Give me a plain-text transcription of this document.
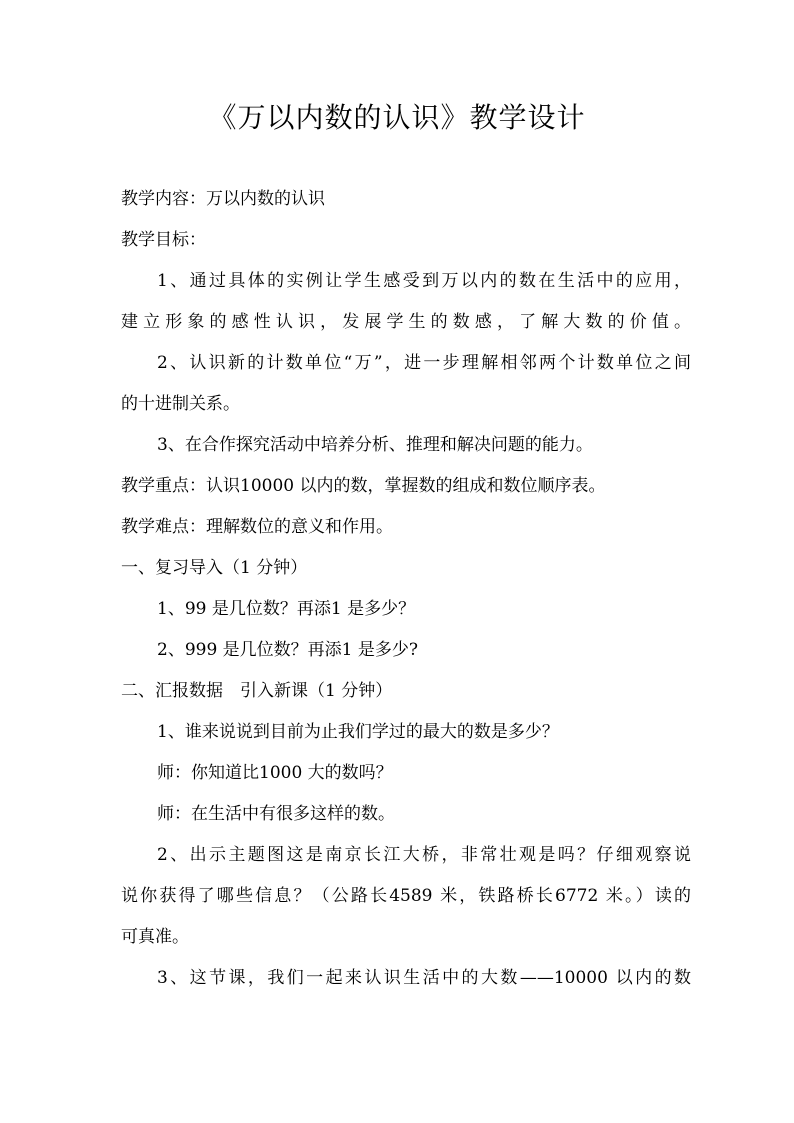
《万以内数的认识》教学设计
教学内容：万以内数的认识
教学目标：
1、通过具体的实例让学生感受到万以内的数在生活中的应用，
建立形象的感性认识，发展学生的数感，了解大数的价值。
2、认识新的计数单位“万”，进一步理解相邻两个计数单位之间
的十进制关系。
3、在合作探究活动中培养分析、推理和解决问题的能力。
教学重点：认识10000 以内的数，掌握数的组成和数位顺序表。
教学难点：理解数位的意义和作用。
一、复习导入（1 分钟）
1、99 是几位数？再添1 是多少？
2、999 是几位数？再添1 是多少?
二、汇报数据　引入新课（1 分钟）
1、谁来说说到目前为止我们学过的最大的数是多少？
师：你知道比1000 大的数吗？
师：在生活中有很多这样的数。
2、出示主题图这是南京长江大桥，非常壮观是吗？仔细观察说
说你获得了哪些信息？（公路长4589 米，铁路桥长6772 米。）读的
可真准。
3、这节课，我们一起来认识生活中的大数——10000 以内的数
